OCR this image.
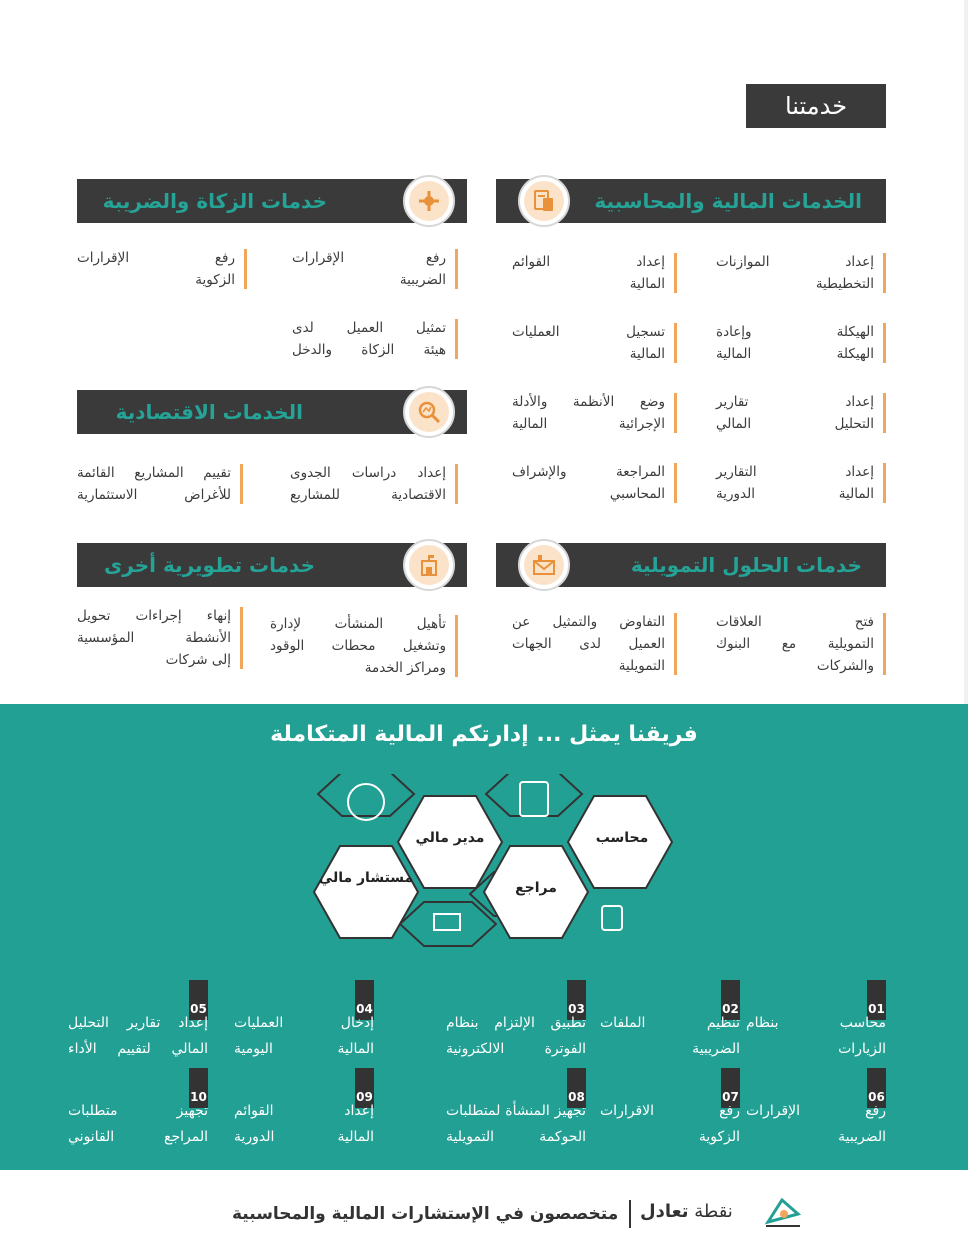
خدمتنا
الخدمات المالية والمحاسبية
إعداد الموازنات
التخطيطية
إعداد القوائم
المالية
الهيكلة وإعادة
الهيكلة المالية
تسجيل العمليات
المالية
إعداد تقارير
التحليل المالي
وضع الأنظمة والأدلة
الإجرائية المالية
إعداد التقارير
المالية الدورية
المراجعة والإشراف
المحاسبي
خدمات الزكاة والضريبة
رفع الإقرارات
الضريبية
رفع الإقرارات
الزكوية
تمثيل العميل لدى
هيئة الزكاة والدخل
الخدمات الاقتصادية
إعداد دراسات الجدوى
الاقتصادية للمشاريع
تقييم المشاريع القائمة
للأغراض الاستثمارية
خدمات الحلول التمويلية
فتح العلاقات
التمويلية مع البنوك
والشركات
التفاوض والتمثيل عن
العميل لدى الجهات
التمويلية
خدمات تطويرية أخرى
تأهيل المنشأت لإدارة
وتشغيل محطات الوقود
ومراكز الخدمة
إنهاء إجراءات تحويل
الأنشطة المؤسسية
إلى شركات
فريقنا يمثل ... إدارتكم المالية المتكاملة
محاسب
مدير مالي
مراجع
مستشار مالي
01
محاسب بنظام
الزيارات
02
تنظيم الملفات
الضريبية
03
تطبيق الإلتزام بنظام
الفوترة الالكترونية
04
إدخال العمليات
المالية اليومية
05
إعداد تقارير التحليل
المالي لتقييم الأداء
06
رفع الإقرارات
الضريبية
07
رفع الاقرارات
الزكوية
08
تجهيز المنشأة لمتطلبات
الحوكمة التمويلية
09
إعداد القوائم
المالية الدورية
10
تجهيز متطلبات
المراجع القانوني
متخصصون في الإستشارات المالية والمحاسبية	نقطة تعادل
